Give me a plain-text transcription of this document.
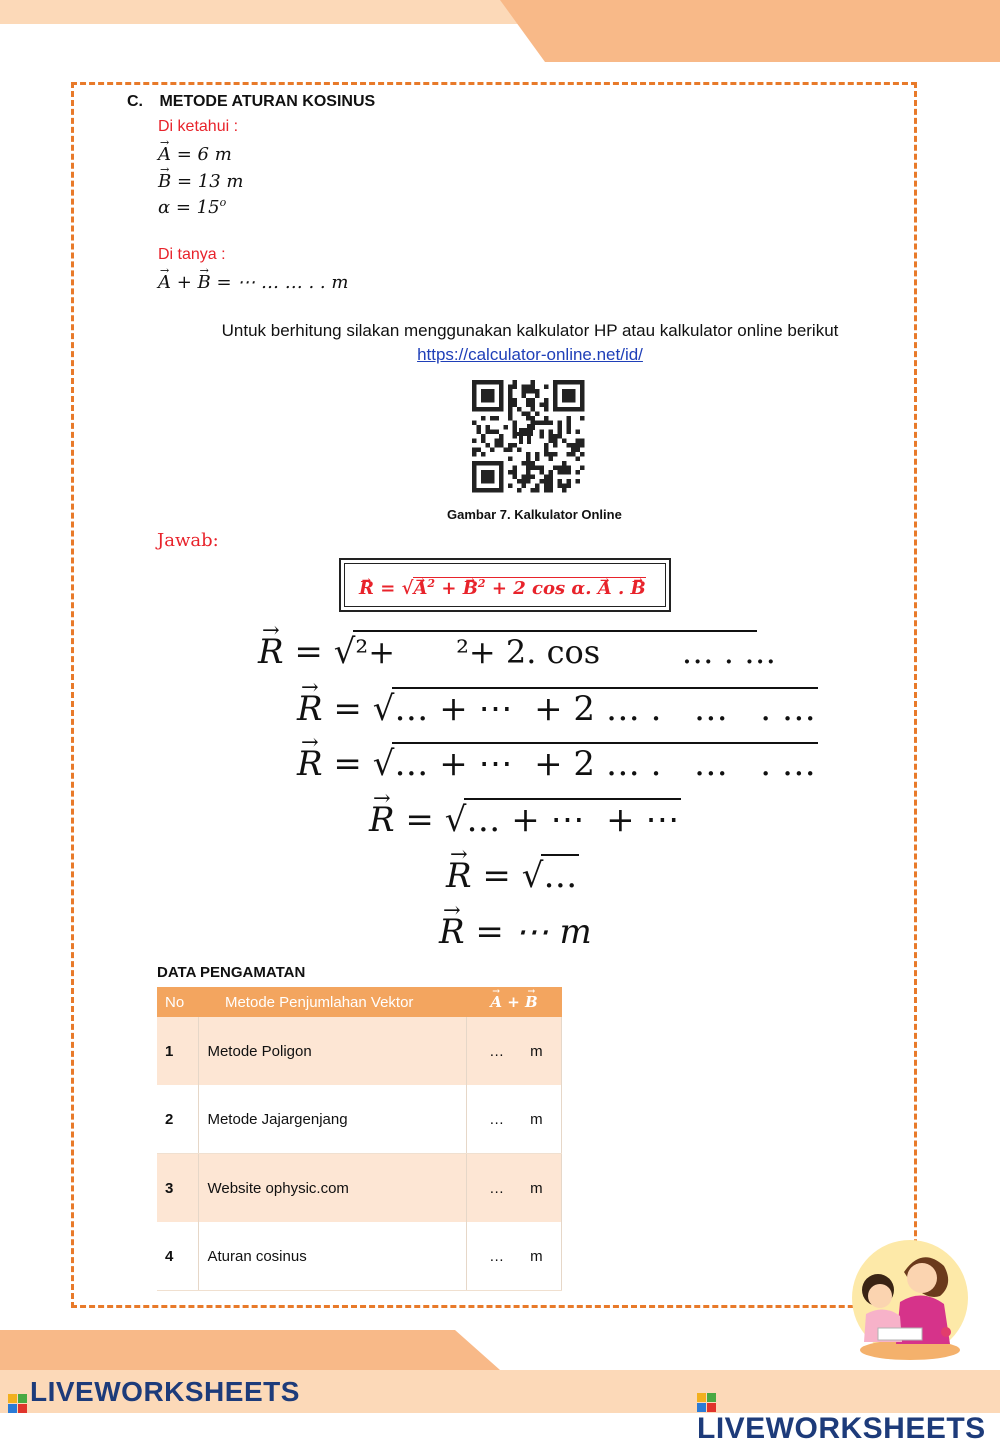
C. METODE ATURAN KOSINUS
Di ketahui :
→ A = 6 m
→ B = 13 m
$\alpha = 15^o$
Di tanya :
→ A + → B = ⋯ … … . . m
Untuk berhitung silakan menggunakan kalkulator HP atau kalkulator online berikut
https://calculator-online.net/id/
Gambar 7. Kalkulator Online
Jawab:
→ R = √→ $A^2$ + → $B^2 + 2$ cos α. → A . → B
→ R = √²+      ²+ 2. cos        … . …
→ R = √… + ⋯  + 2 … .   …   . …
→ R = √… + ⋯  + 2 … .   …   . …
→ R = √… + ⋯  + ⋯
→ R = √…
→ R = ⋯ m
DATA PENGAMATAN
No	Metode Penjumlahan Vektor	→ A + → B
1	Metode Poligon	… m
2	Metode Jajargenjang	… m
3	Website ophysic.com	… m
4	Aturan cosinus	… m
LIVEWORKSHEETS
LIVEWORKSHEETS
